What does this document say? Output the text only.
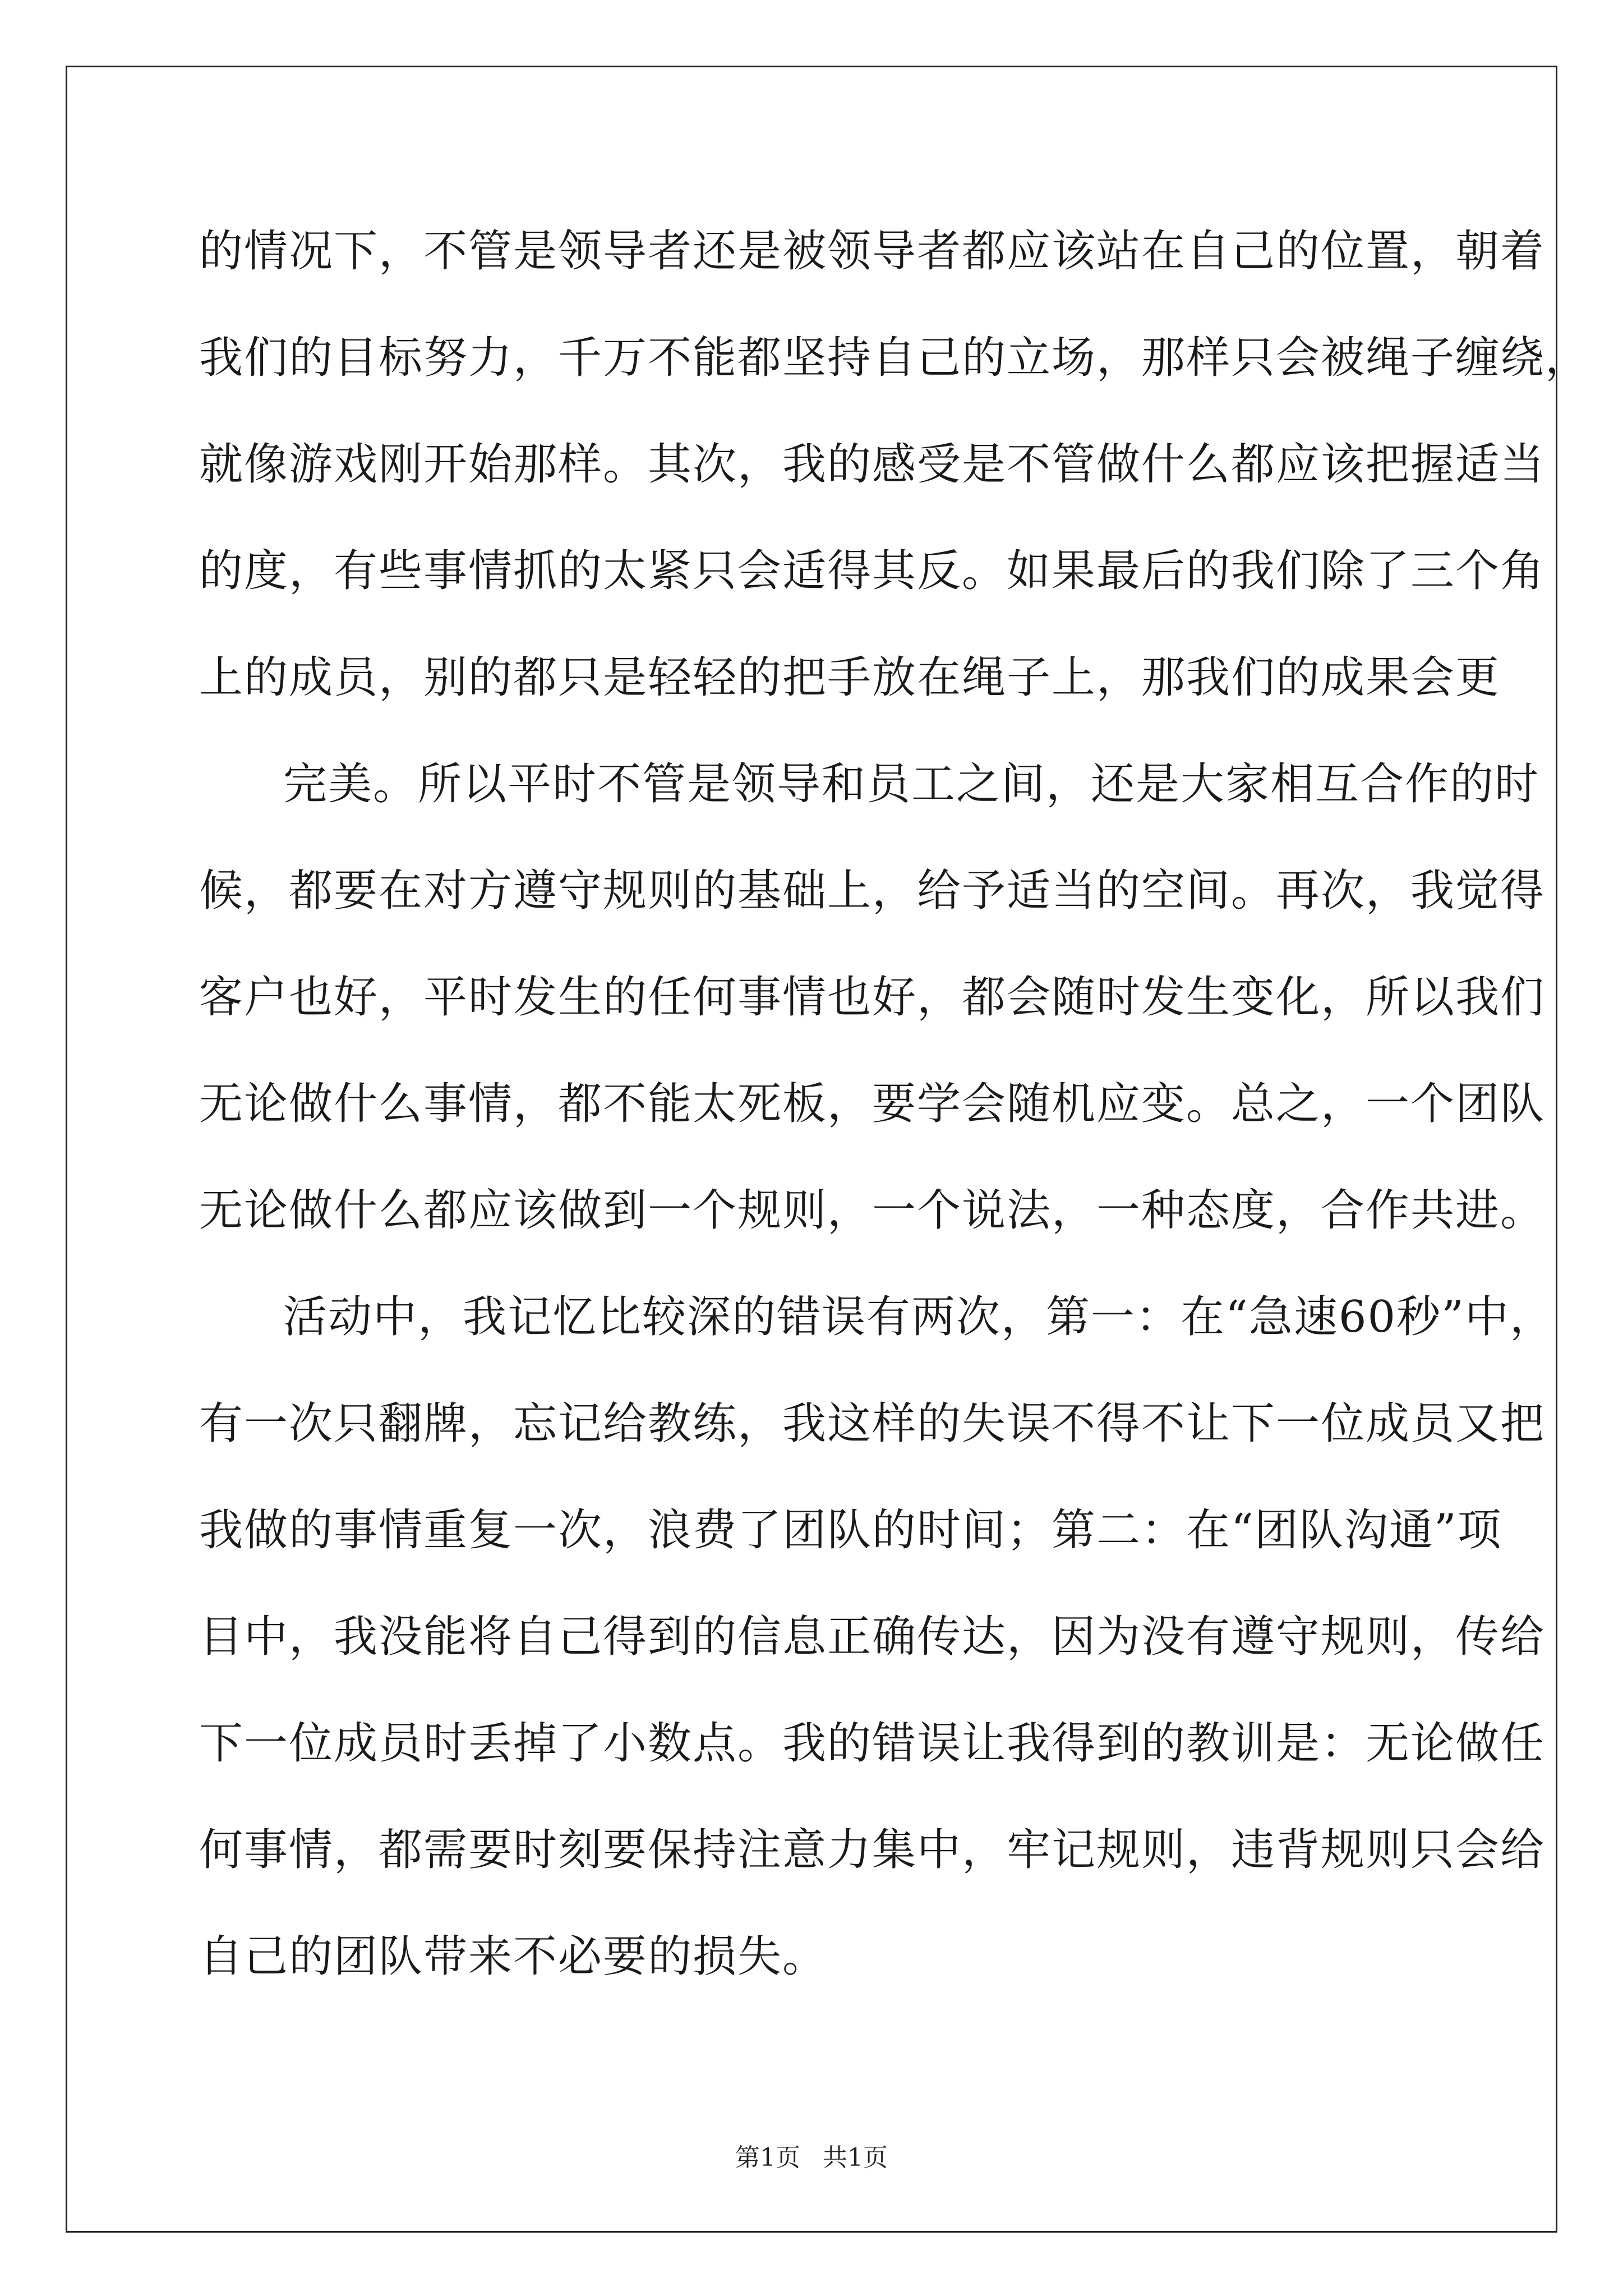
的情况下，不管是领导者还是被领导者都应该站在自己的位置，朝着
我们的目标努力，千万不能都坚持自己的立场，那样只会被绳子缠绕，
就像游戏刚开始那样。其次，我的感受是不管做什么都应该把握适当
的度，有些事情抓的太紧只会适得其反。如果最后的我们除了三个角
上的成员，别的都只是轻轻的把手放在绳子上，那我们的成果会更
完美。所以平时不管是领导和员工之间，还是大家相互合作的时
候，都要在对方遵守规则的基础上，给予适当的空间。再次，我觉得
客户也好，平时发生的任何事情也好，都会随时发生变化，所以我们
无论做什么事情，都不能太死板，要学会随机应变。总之，一个团队
无论做什么都应该做到一个规则，一个说法，一种态度，合作共进。
活动中，我记忆比较深的错误有两次，第一：在“急速60秒”中，
有一次只翻牌，忘记给教练，我这样的失误不得不让下一位成员又把
我做的事情重复一次，浪费了团队的时间；第二：在“团队沟通”项
目中，我没能将自己得到的信息正确传达，因为没有遵守规则，传给
下一位成员时丢掉了小数点。我的错误让我得到的教训是：无论做任
何事情，都需要时刻要保持注意力集中，牢记规则，违背规则只会给
自己的团队带来不必要的损失。
第1页 共1页
